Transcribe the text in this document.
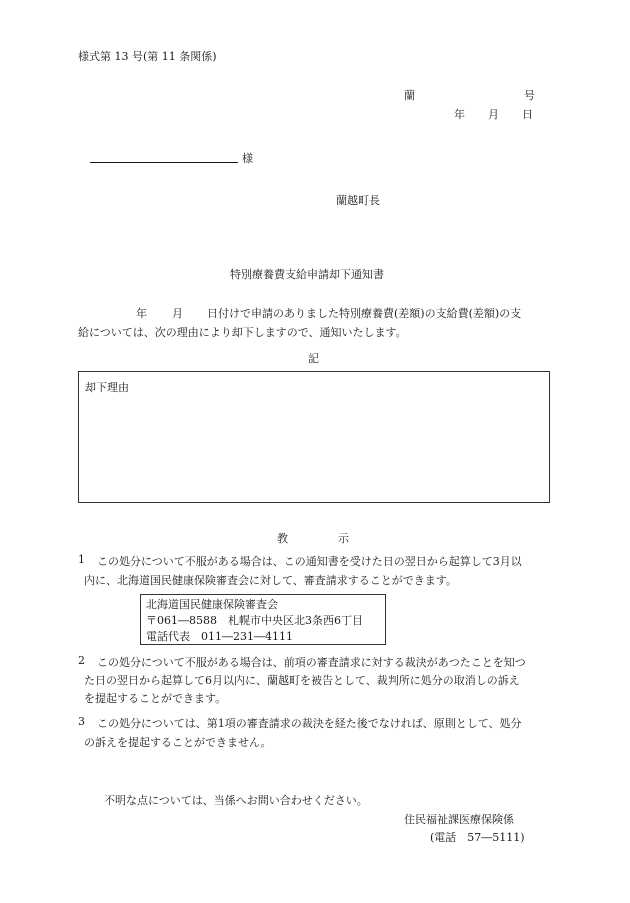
様式第 13 号(第 11 条関係)
蘭	号
年 月 日
様
蘭越町長
特別療養費支給申請却下通知書
年 月 日付けで申請のありました特別療養費(差額)の支給費(差額)の支
給については、次の理由により却下しますので、通知いたします。
記
却下理由
教	示
1 この処分について不服がある場合は、この通知書を受けた日の翌日から起算して3月以
内に、北海道国民健康保険審査会に対して、審査請求することができます。
北海道国民健康保険審査会
〒061―8588　札幌市中央区北3条西6丁目
電話代表　011―231―4111
2 この処分について不服がある場合は、前項の審査請求に対する裁決があつたことを知つ
た日の翌日から起算して6月以内に、蘭越町を被告として、裁判所に処分の取消しの訴え
を提起することができます。
3 この処分については、第1項の審査請求の裁決を経た後でなければ、原則として、処分
の訴えを提起することができません。
不明な点については、当係へお問い合わせください。
住民福祉課医療保険係
(電話　57―5111)
